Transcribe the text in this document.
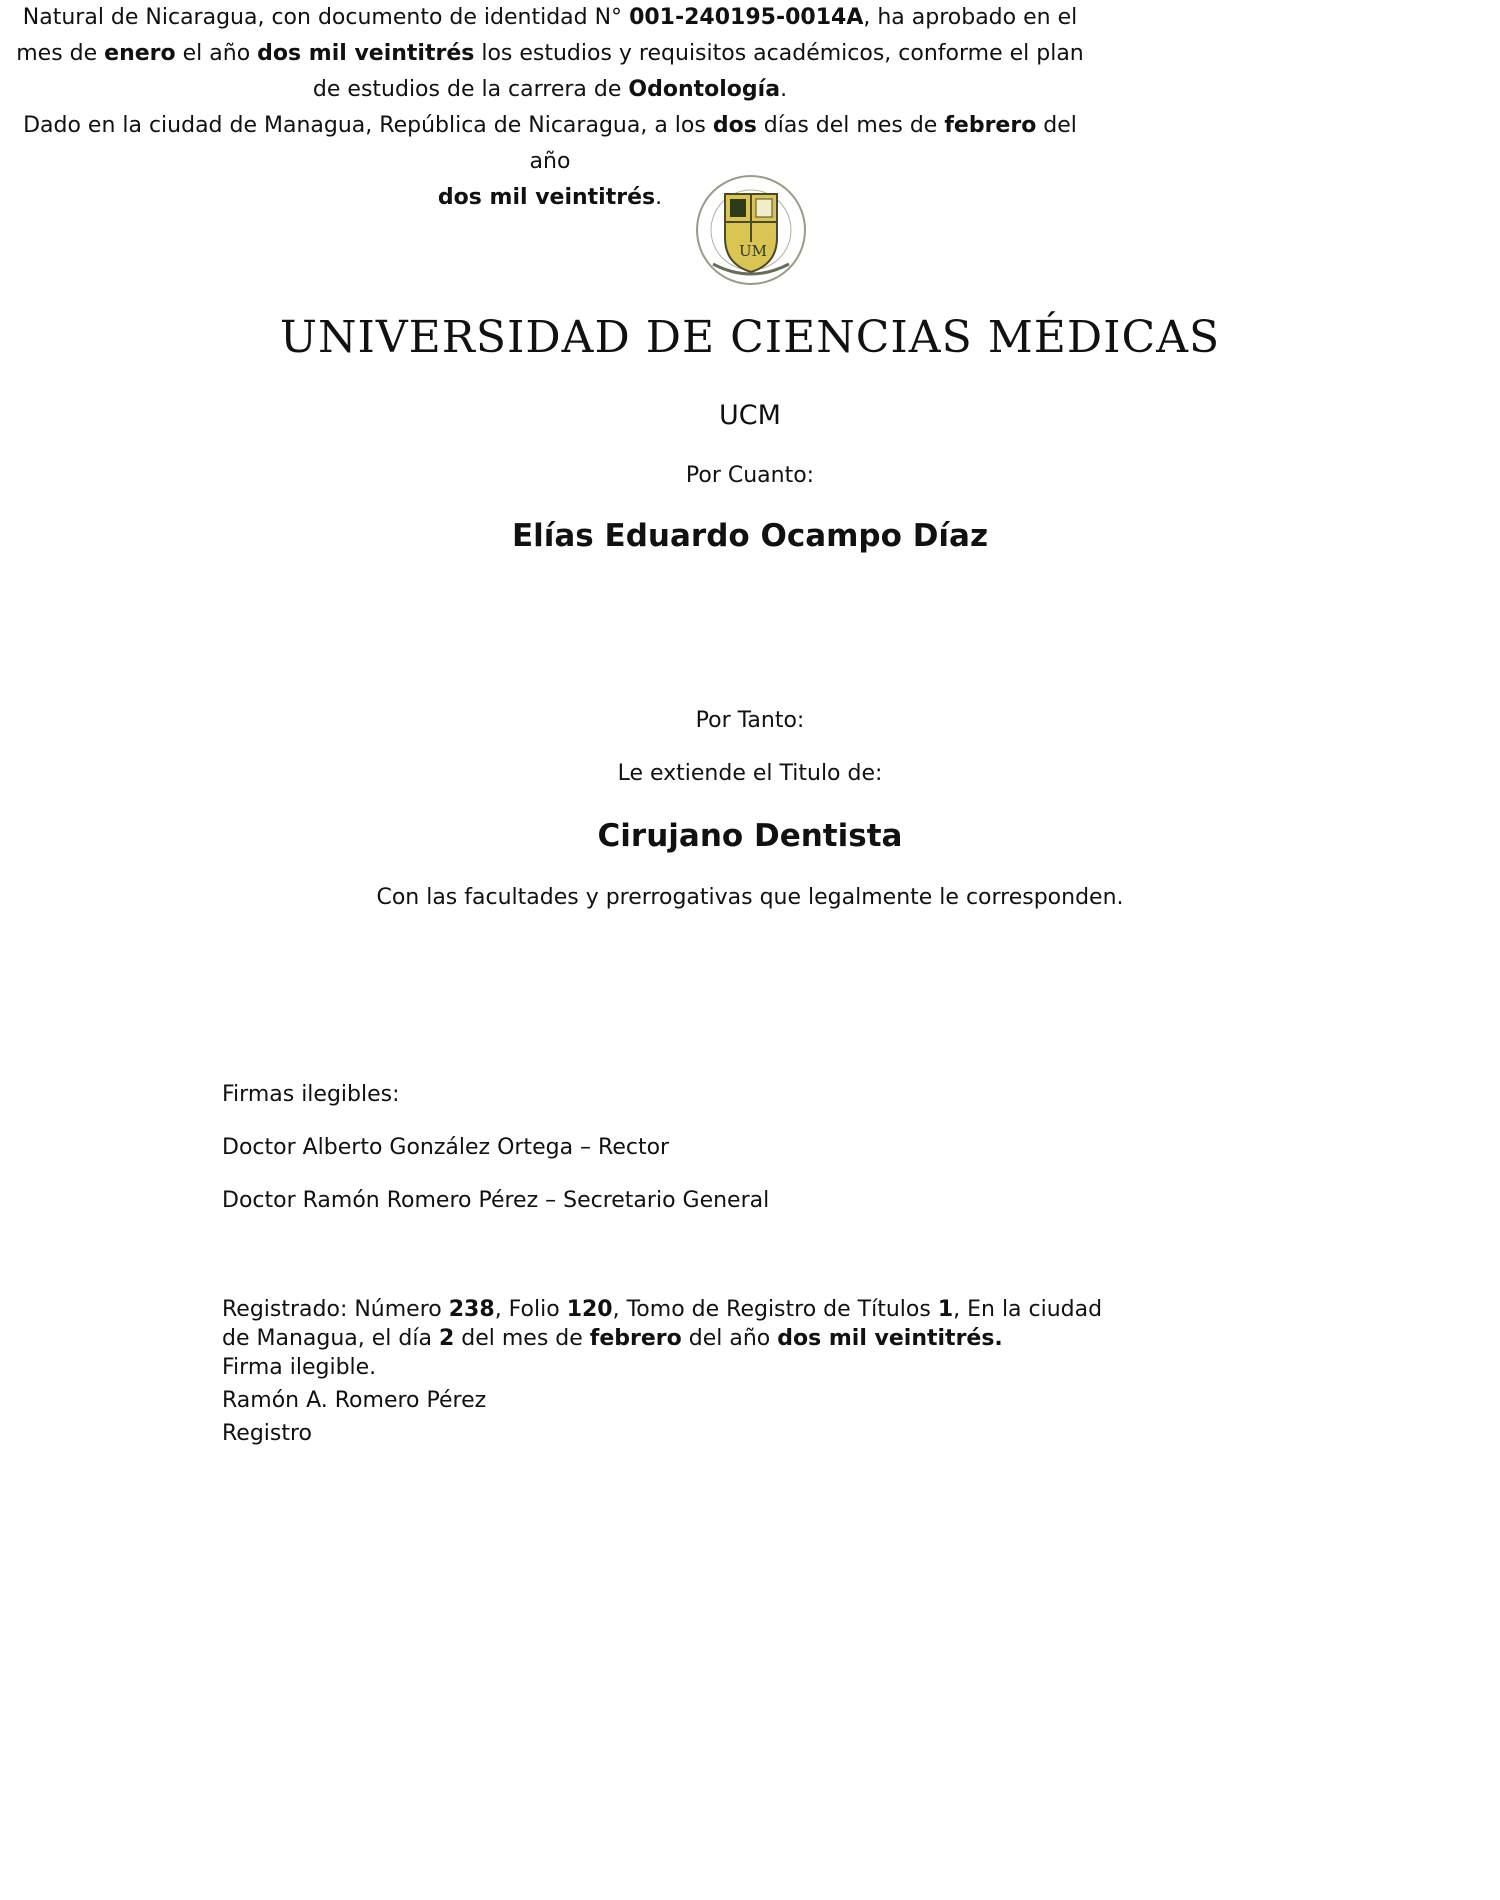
UM
UNIVERSIDAD DE CIENCIAS MÉDICAS
UCM
Por Cuanto:
Elías Eduardo Ocampo Díaz
Natural de Nicaragua, con documento de identidad N° 001-240195-0014A, ha aprobado en el mes de enero el año dos mil veintitrés los estudios y requisitos académicos, conforme el plan de estudios de la carrera de Odontología.
Por Tanto:
Le extiende el Titulo de:
Cirujano Dentista
Con las facultades y prerrogativas que legalmente le corresponden.
Dado en la ciudad de Managua, República de Nicaragua, a los dos días del mes de febrero del año
dos mil veintitrés.
Firmas ilegibles:
Doctor Alberto González Ortega – Rector
Doctor Ramón Romero Pérez – Secretario General
Registrado: Número 238, Folio 120, Tomo de Registro de Títulos 1, En la ciudad de Managua, el día 2 del mes de febrero del año dos mil veintitrés.
Firma ilegible.
Ramón A. Romero Pérez
Registro
